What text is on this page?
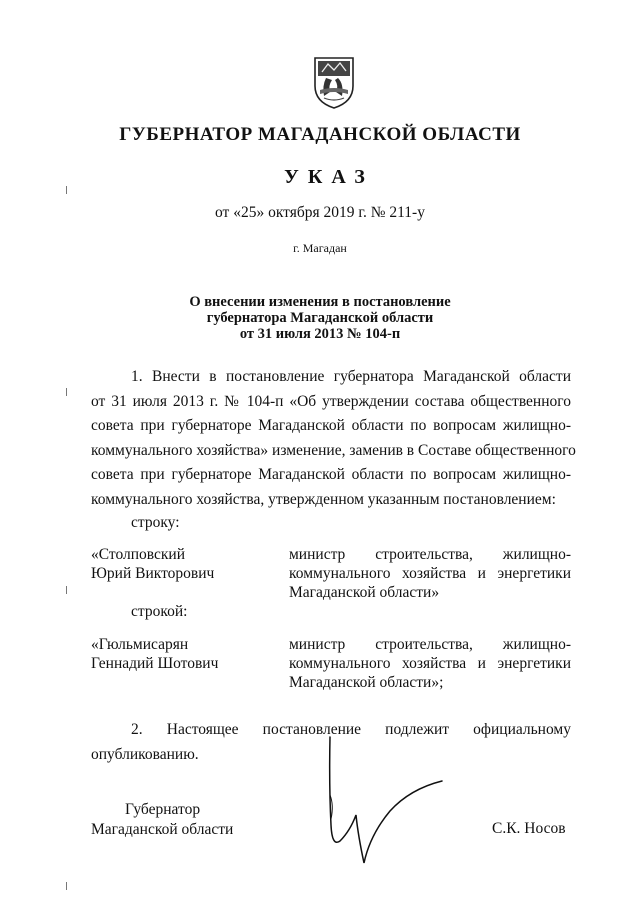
ГУБЕРНАТОР МАГАДАНСКОЙ ОБЛАСТИ
УКАЗ
от «25» октября 2019 г. № 211-у
г. Магадан
О внесении изменения в постановление
губернатора Магаданской области
от 31 июля 2013 № 104-п
1. Внести в постановление губернатора Магаданской области
от 31 июля 2013 г. № 104-п «Об утверждении состава общественного
совета при губернаторе Магаданской области по вопросам жилищно-
коммунального хозяйства» изменение, заменив в Составе общественного
совета при губернаторе Магаданской области по вопросам жилищно-
коммунального хозяйства, утвержденном указанным постановлением:
строку:
«Столповский
Юрий Викторович
министр строительства, жилищно-
коммунального хозяйства и энергетики
Магаданской области»
строкой:
«Гюльмисарян
Геннадий Шотович
министр строительства, жилищно-
коммунального хозяйства и энергетики
Магаданской области»;
2. Настоящее постановление подлежит официальному
опубликованию.
Губернатор
Магаданской области	С.К. Носов
